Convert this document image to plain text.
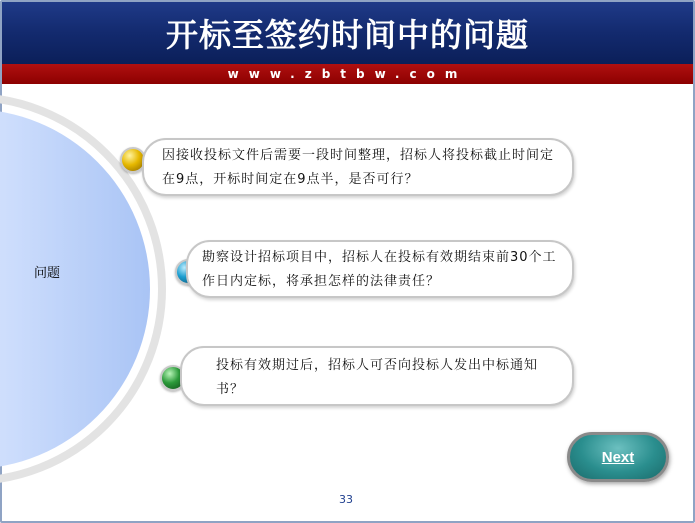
开标至签约时间中的问题
www.zbtbw.com
问题
因接收投标文件后需要一段时间整理，招标人将投标截止时间定在9点，开标时间定在9点半，是否可行？
勘察设计招标项目中，招标人在投标有效期结束前30个工作日内定标，将承担怎样的法律责任？
投标有效期过后，招标人可否向投标人发出中标通知书？
Next
33
